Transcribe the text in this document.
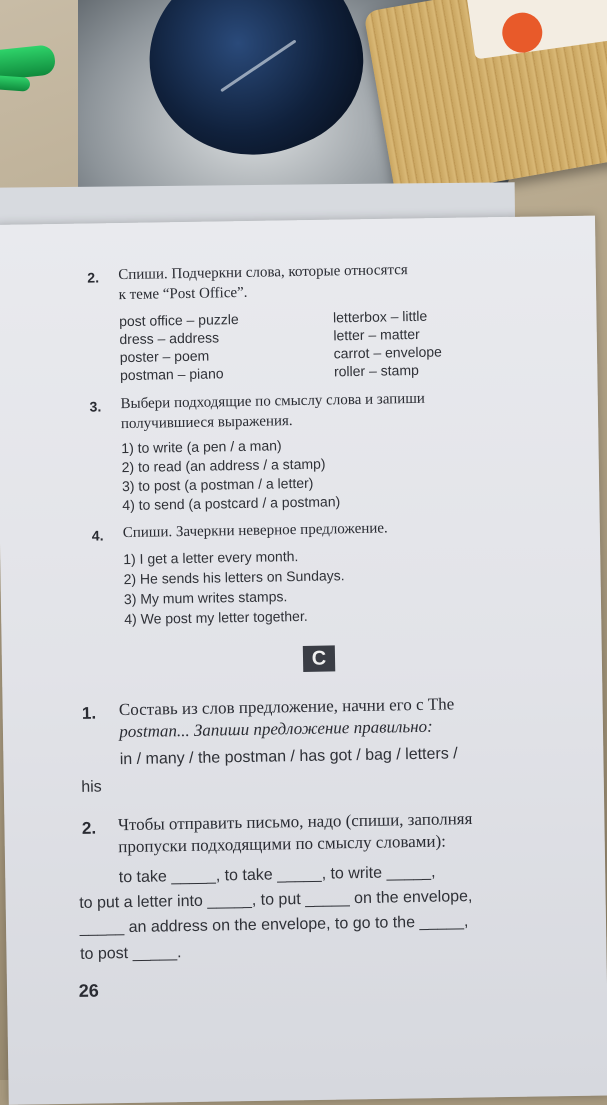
2. Спиши. Подчеркни слова, которые относятся
к теме “Post Office”.
post office – puzzle
dress – address
poster – poem
postman – piano
letterbox – little
letter – matter
carrot – envelope
roller – stamp
3. Выбери подходящие по смыслу слова и запиши
получившиеся выражения.
1) to write (a pen / a man)
2) to read (an address / a stamp)
3) to post (a postman / a letter)
4) to send (a postcard / a postman)
4. Спиши. Зачеркни неверное предложение.
1) I get a letter every month.
2) He sends his letters on Sundays.
3) My mum writes stamps.
4) We post my letter together.
C
1. Составь из слов предложение, начни его с The
postman... Запиши предложение правильно:
in / many / the postman / has got / bag / letters /
his
2. Чтобы отправить письмо, надо (спиши, заполняя
пропуски подходящими по смыслу словами):
to take _____, to take _____, to write _____,
to put a letter into _____, to put _____ on the envelope,
_____ an address on the envelope, to go to the _____,
to post _____.
26
